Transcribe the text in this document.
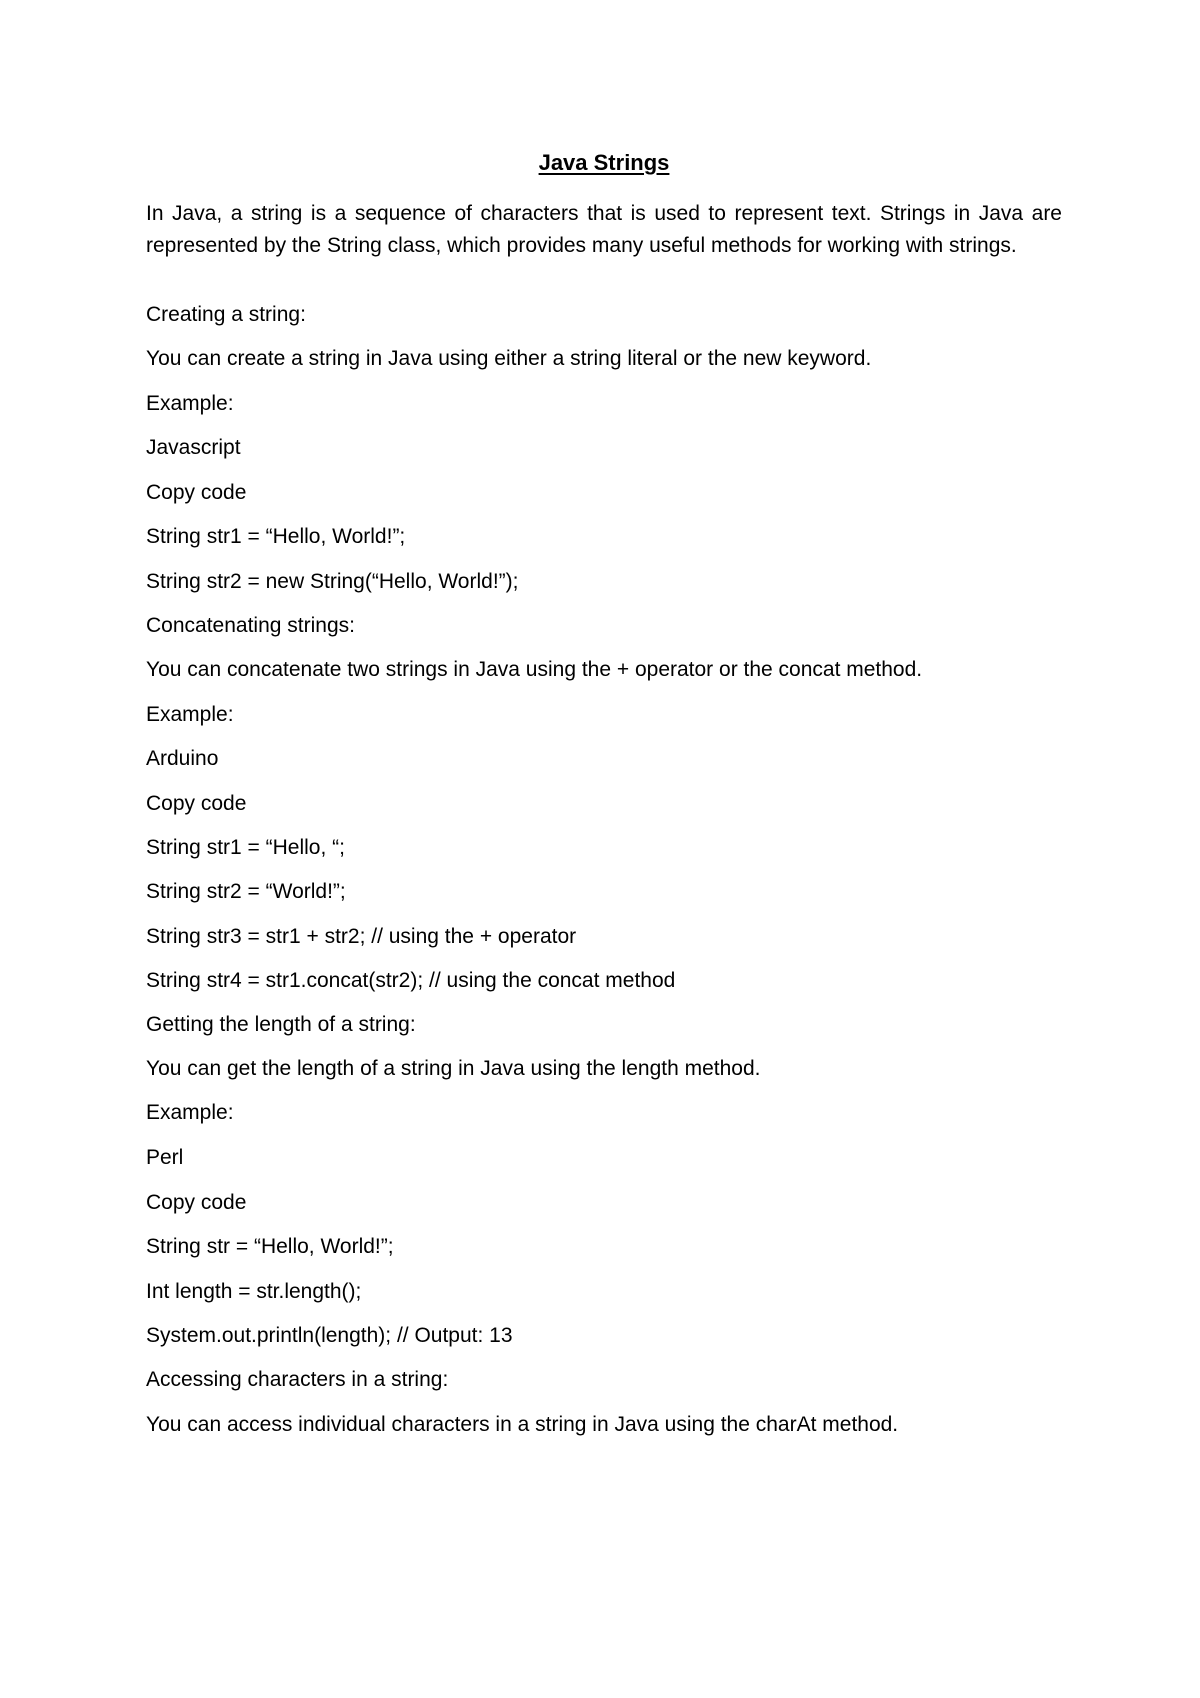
Java Strings

In Java, a string is a sequence of characters that is used to represent text. Strings in Java are represented by the String class, which provides many useful methods for working with strings.

Creating a string:

You can create a string in Java using either a string literal or the new keyword.

Example:

Javascript

Copy code

String str1 = “Hello, World!”;

String str2 = new String(“Hello, World!”);

Concatenating strings:

You can concatenate two strings in Java using the + operator or the concat method.

Example:

Arduino

Copy code

String str1 = “Hello, “;

String str2 = “World!”;

String str3 = str1 + str2; // using the + operator

String str4 = str1.concat(str2); // using the concat method

Getting the length of a string:

You can get the length of a string in Java using the length method.

Example:

Perl

Copy code

String str = “Hello, World!”;

Int length = str.length();

System.out.println(length); // Output: 13

Accessing characters in a string:

You can access individual characters in a string in Java using the charAt method.
